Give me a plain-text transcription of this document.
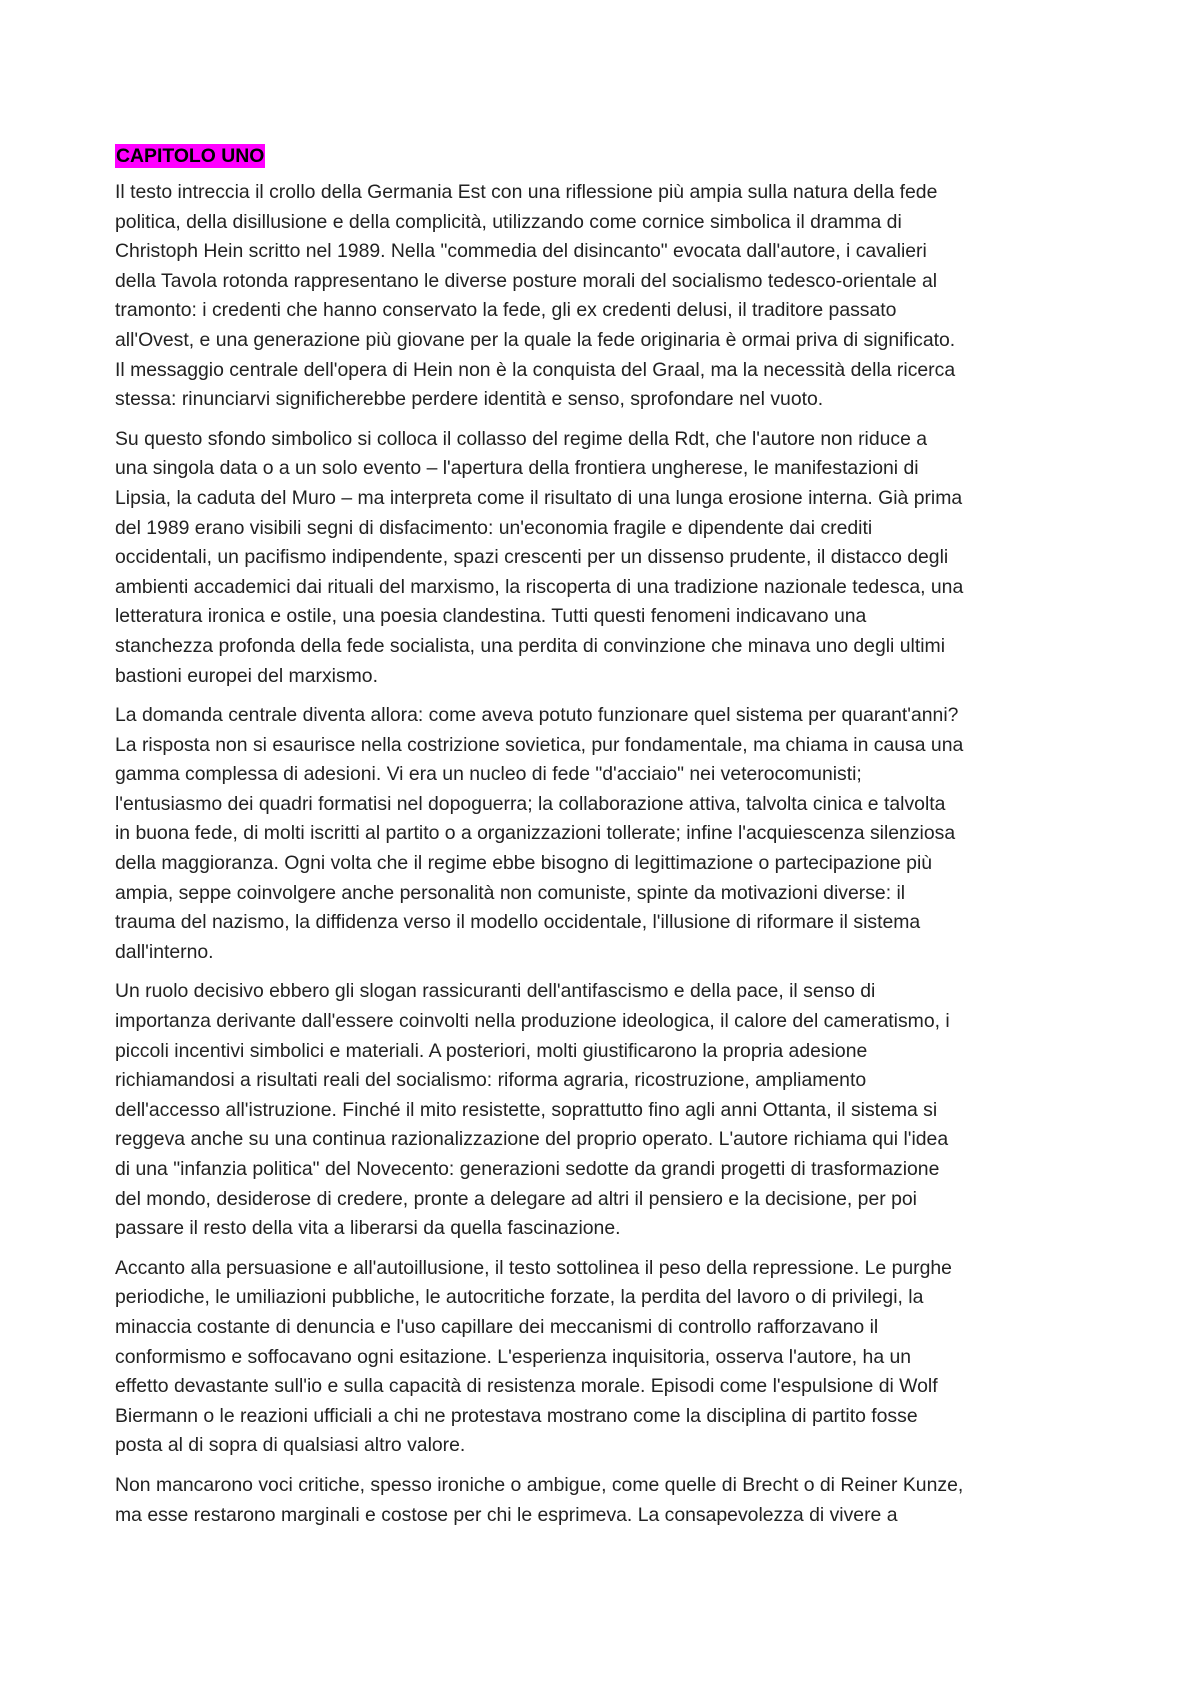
CAPITOLO UNO
Il testo intreccia il crollo della Germania Est con una riflessione più ampia sulla natura della fede
politica, della disillusione e della complicità, utilizzando come cornice simbolica il dramma di
Christoph Hein scritto nel 1989. Nella "commedia del disincanto" evocata dall'autore, i cavalieri
della Tavola rotonda rappresentano le diverse posture morali del socialismo tedesco-orientale al
tramonto: i credenti che hanno conservato la fede, gli ex credenti delusi, il traditore passato
all'Ovest, e una generazione più giovane per la quale la fede originaria è ormai priva di significato.
Il messaggio centrale dell'opera di Hein non è la conquista del Graal, ma la necessità della ricerca
stessa: rinunciarvi significherebbe perdere identità e senso, sprofondare nel vuoto.
Su questo sfondo simbolico si colloca il collasso del regime della Rdt, che l'autore non riduce a
una singola data o a un solo evento – l'apertura della frontiera ungherese, le manifestazioni di
Lipsia, la caduta del Muro – ma interpreta come il risultato di una lunga erosione interna. Già prima
del 1989 erano visibili segni di disfacimento: un'economia fragile e dipendente dai crediti
occidentali, un pacifismo indipendente, spazi crescenti per un dissenso prudente, il distacco degli
ambienti accademici dai rituali del marxismo, la riscoperta di una tradizione nazionale tedesca, una
letteratura ironica e ostile, una poesia clandestina. Tutti questi fenomeni indicavano una
stanchezza profonda della fede socialista, una perdita di convinzione che minava uno degli ultimi
bastioni europei del marxismo.
La domanda centrale diventa allora: come aveva potuto funzionare quel sistema per quarant'anni?
La risposta non si esaurisce nella costrizione sovietica, pur fondamentale, ma chiama in causa una
gamma complessa di adesioni. Vi era un nucleo di fede "d'acciaio" nei veterocomunisti;
l'entusiasmo dei quadri formatisi nel dopoguerra; la collaborazione attiva, talvolta cinica e talvolta
in buona fede, di molti iscritti al partito o a organizzazioni tollerate; infine l'acquiescenza silenziosa
della maggioranza. Ogni volta che il regime ebbe bisogno di legittimazione o partecipazione più
ampia, seppe coinvolgere anche personalità non comuniste, spinte da motivazioni diverse: il
trauma del nazismo, la diffidenza verso il modello occidentale, l'illusione di riformare il sistema
dall'interno.
Un ruolo decisivo ebbero gli slogan rassicuranti dell'antifascismo e della pace, il senso di
importanza derivante dall'essere coinvolti nella produzione ideologica, il calore del cameratismo, i
piccoli incentivi simbolici e materiali. A posteriori, molti giustificarono la propria adesione
richiamandosi a risultati reali del socialismo: riforma agraria, ricostruzione, ampliamento
dell'accesso all'istruzione. Finché il mito resistette, soprattutto fino agli anni Ottanta, il sistema si
reggeva anche su una continua razionalizzazione del proprio operato. L'autore richiama qui l'idea
di una "infanzia politica" del Novecento: generazioni sedotte da grandi progetti di trasformazione
del mondo, desiderose di credere, pronte a delegare ad altri il pensiero e la decisione, per poi
passare il resto della vita a liberarsi da quella fascinazione.
Accanto alla persuasione e all'autoillusione, il testo sottolinea il peso della repressione. Le purghe
periodiche, le umiliazioni pubbliche, le autocritiche forzate, la perdita del lavoro o di privilegi, la
minaccia costante di denuncia e l'uso capillare dei meccanismi di controllo rafforzavano il
conformismo e soffocavano ogni esitazione. L'esperienza inquisitoria, osserva l'autore, ha un
effetto devastante sull'io e sulla capacità di resistenza morale. Episodi come l'espulsione di Wolf
Biermann o le reazioni ufficiali a chi ne protestava mostrano come la disciplina di partito fosse
posta al di sopra di qualsiasi altro valore.
Non mancarono voci critiche, spesso ironiche o ambigue, come quelle di Brecht o di Reiner Kunze,
ma esse restarono marginali e costose per chi le esprimeva. La consapevolezza di vivere a
